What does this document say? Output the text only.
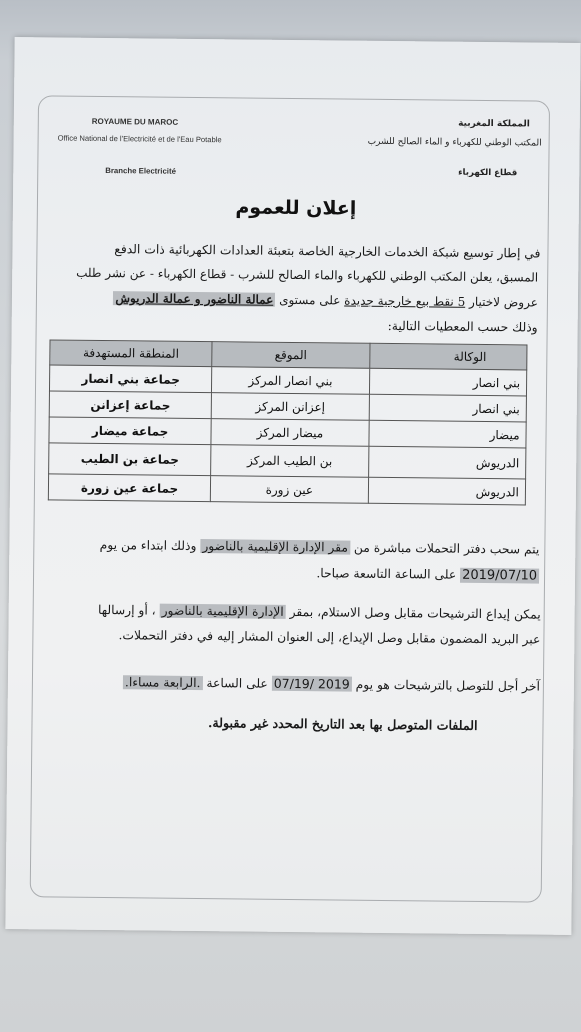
ROYAUME DU MAROC
Office National de l'Electricité et de l'Eau Potable
Branche Electricité
المملكة المغربية
المكتب الوطني للكهرباء و الماء الصالح للشرب
قطاع الكهرباء
إعلان للعموم
في إطار توسيع شبكة الخدمات الخارجية الخاصة بتعبئة العدادات الكهربائية ذات الدفع
المسبق، يعلن المكتب الوطني للكهرباء والماء الصالح للشرب - قطاع الكهرباء - عن نشر طلب
عروض لاختيار 5 نقط بيع خارجية جديدة على مستوى عمالة الناضور و عمالة الدريوش
وذلك حسب المعطيات التالية:
الوكالة	الموقع	المنطقة المستهدفة
بني انصار	بني انصار المركز	جماعة بني انصار
بني انصار	إعزانن المركز	جماعة إعزانن
ميضار	ميضار المركز	جماعة ميضار
الدريوش	بن الطيب المركز	جماعة بن الطيب
الدريوش	عين زورة	جماعة عين زورة
يتم سحب دفتر التحملات مباشرة من مقر الإدارة الإقليمية بالناضور وذلك ابتداء من يوم
2019/07/10 على الساعة التاسعة صباحا.
يمكن إيداع الترشيحات مقابل وصل الاستلام، بمقر الإدارة الإقليمية بالناضور ، أو إرسالها
عبر البريد المضمون مقابل وصل الإيداع، إلى العنوان المشار إليه في دفتر التحملات.
آخر أجل للتوصل بالترشيحات هو يوم 2019 /07/19 على الساعة .الرابعة مساءا.
الملفات المتوصل بها بعد التاريخ المحدد غير مقبولة.
